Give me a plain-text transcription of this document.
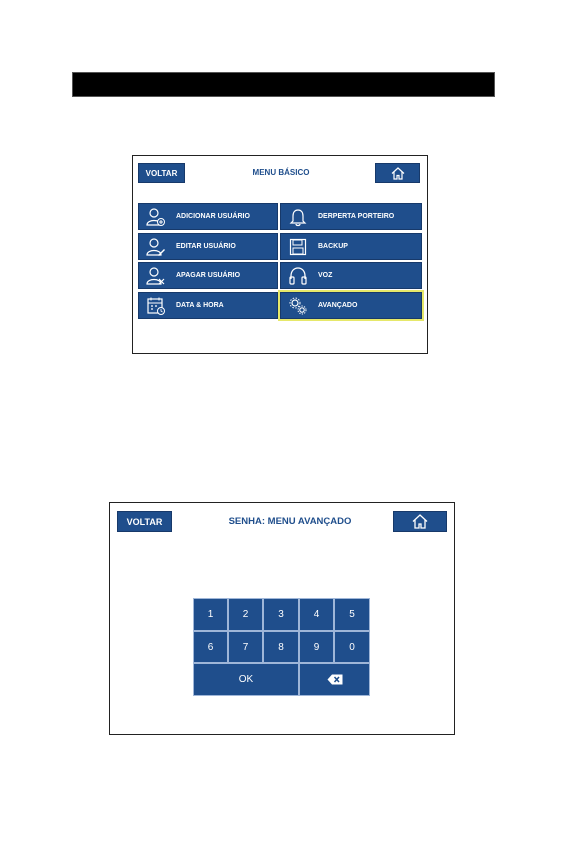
VOLTAR	MENU BÁSICO
ADICIONAR USUÁRIO	DERPERTA PORTEIRO
EDITAR USUÁRIO	BACKUP
APAGAR USUÁRIO	VOZ
DATA & HORA	AVANÇADO
VOLTAR	SENHA: MENU AVANÇADO
1	2	3	4	5
6	7	8	9	0
OK
